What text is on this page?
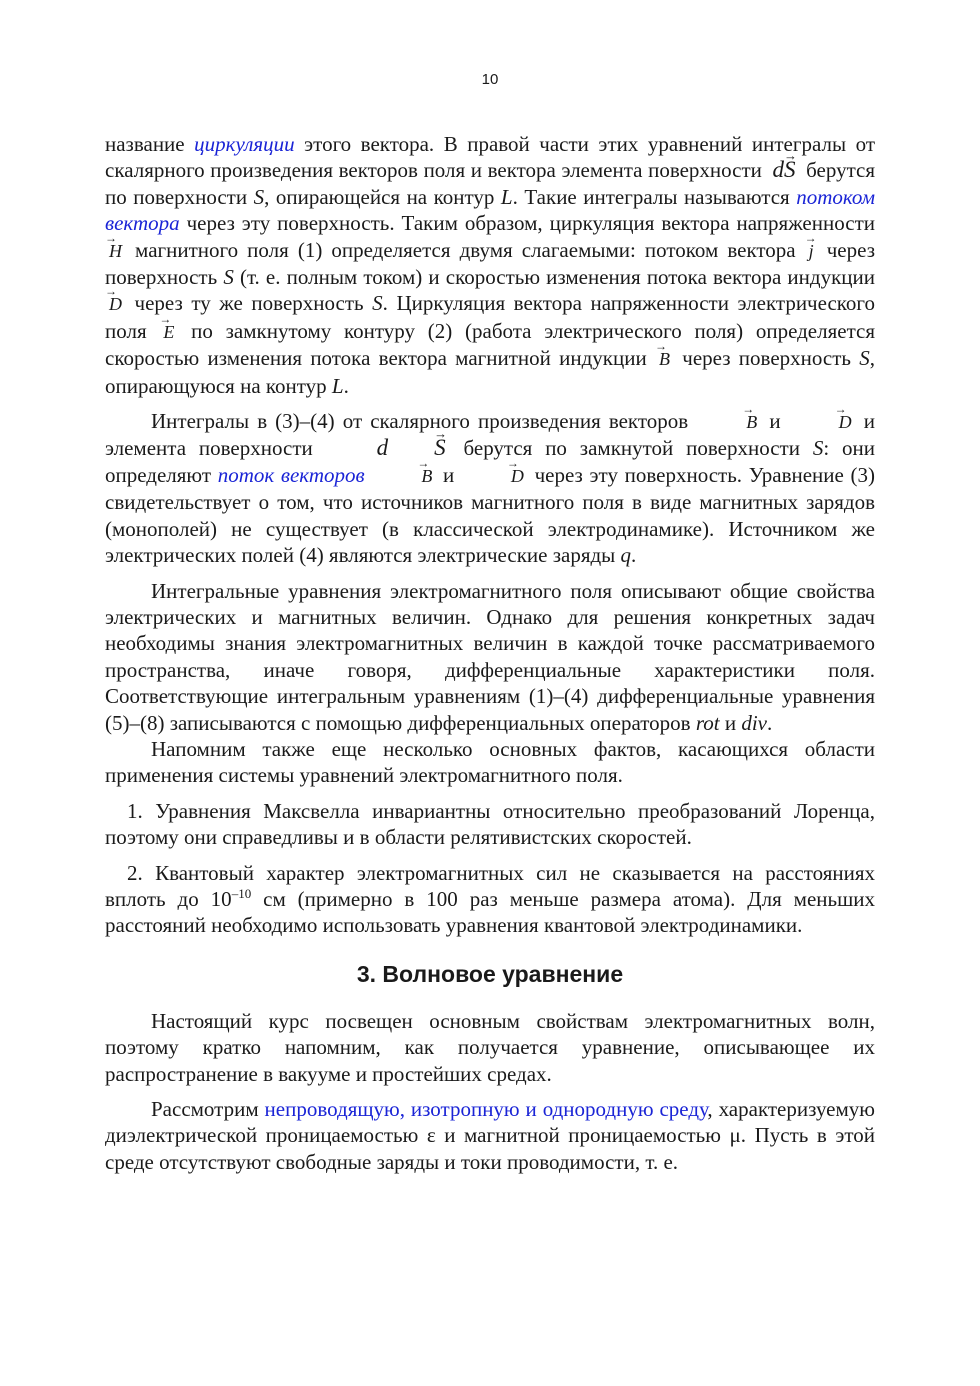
10

название циркуляции этого вектора. В правой части этих уравнений интегралы от скалярного произведения векторов поля и вектора элемента поверхности d→ S берутся по поверхности S, опирающейся на контур L. Такие интегралы называются потоком вектора через эту поверхность. Таким образом, циркуляция вектора напряженности → H магнитного поля (1) определяется двумя слагаемыми: потоком вектора → j через поверхность S (т. е. полным током) и скоростью изменения потока вектора индукции → D через ту же поверхность S. Циркуляция вектора напряженности электрического поля → E по замкнутому контуру (2) (работа электрического поля) определяется скоростью изменения потока вектора магнитной индукции → B через поверхность S, опирающуюся на контур L.

Интегралы в (3)–(4) от скалярного произведения векторов	→ B и	→ D и элемента поверхности d → S берутся по замкнутой поверхности S: они определяют поток векторов	→ B и	→ D через эту поверхность. Уравнение (3) свидетельствует о том, что источников магнитного поля в виде магнитных зарядов (монополей) не существует (в классической электродинамике). Источником же электрических полей (4) являются электрические заряды q.

Интегральные уравнения электромагнитного поля описывают общие свойства электрических и магнитных величин. Однако для решения конкретных задач необходимы знания электромагнитных величин в каждой точке рассматриваемого пространства, иначе говоря, дифференциальные характеристики поля. Соответствующие интегральным уравнениям (1)–(4) дифференциальные уравнения (5)–(8) записываются с помощью дифференциальных операторов rot и div.

Напомним также еще несколько основных фактов, касающихся области применения системы уравнений электромагнитного поля.

1. Уравнения Максвелла инвариантны относительно преобразований Лоренца, поэтому они справедливы и в области релятивистских скоростей.

2. Квантовый характер электромагнитных сил не сказывается на расстояниях вплоть до $10^{-10}$ см (примерно в 100 раз меньше размера атома). Для меньших расстояний необходимо использовать уравнения квантовой электродинамики.

3. Волновое уравнение

Настоящий курс посвещен основным свойствам электромагнитных волн, поэтому кратко напомним, как получается уравнение, описывающее их распространение в вакууме и простейших средах.

Рассмотрим непроводящую, изотропную и однородную среду, характеризуемую диэлектрической проницаемостью ε и магнитной проницаемостью μ. Пусть в этой среде отсутствуют свободные заряды и токи проводимости, т. е.
